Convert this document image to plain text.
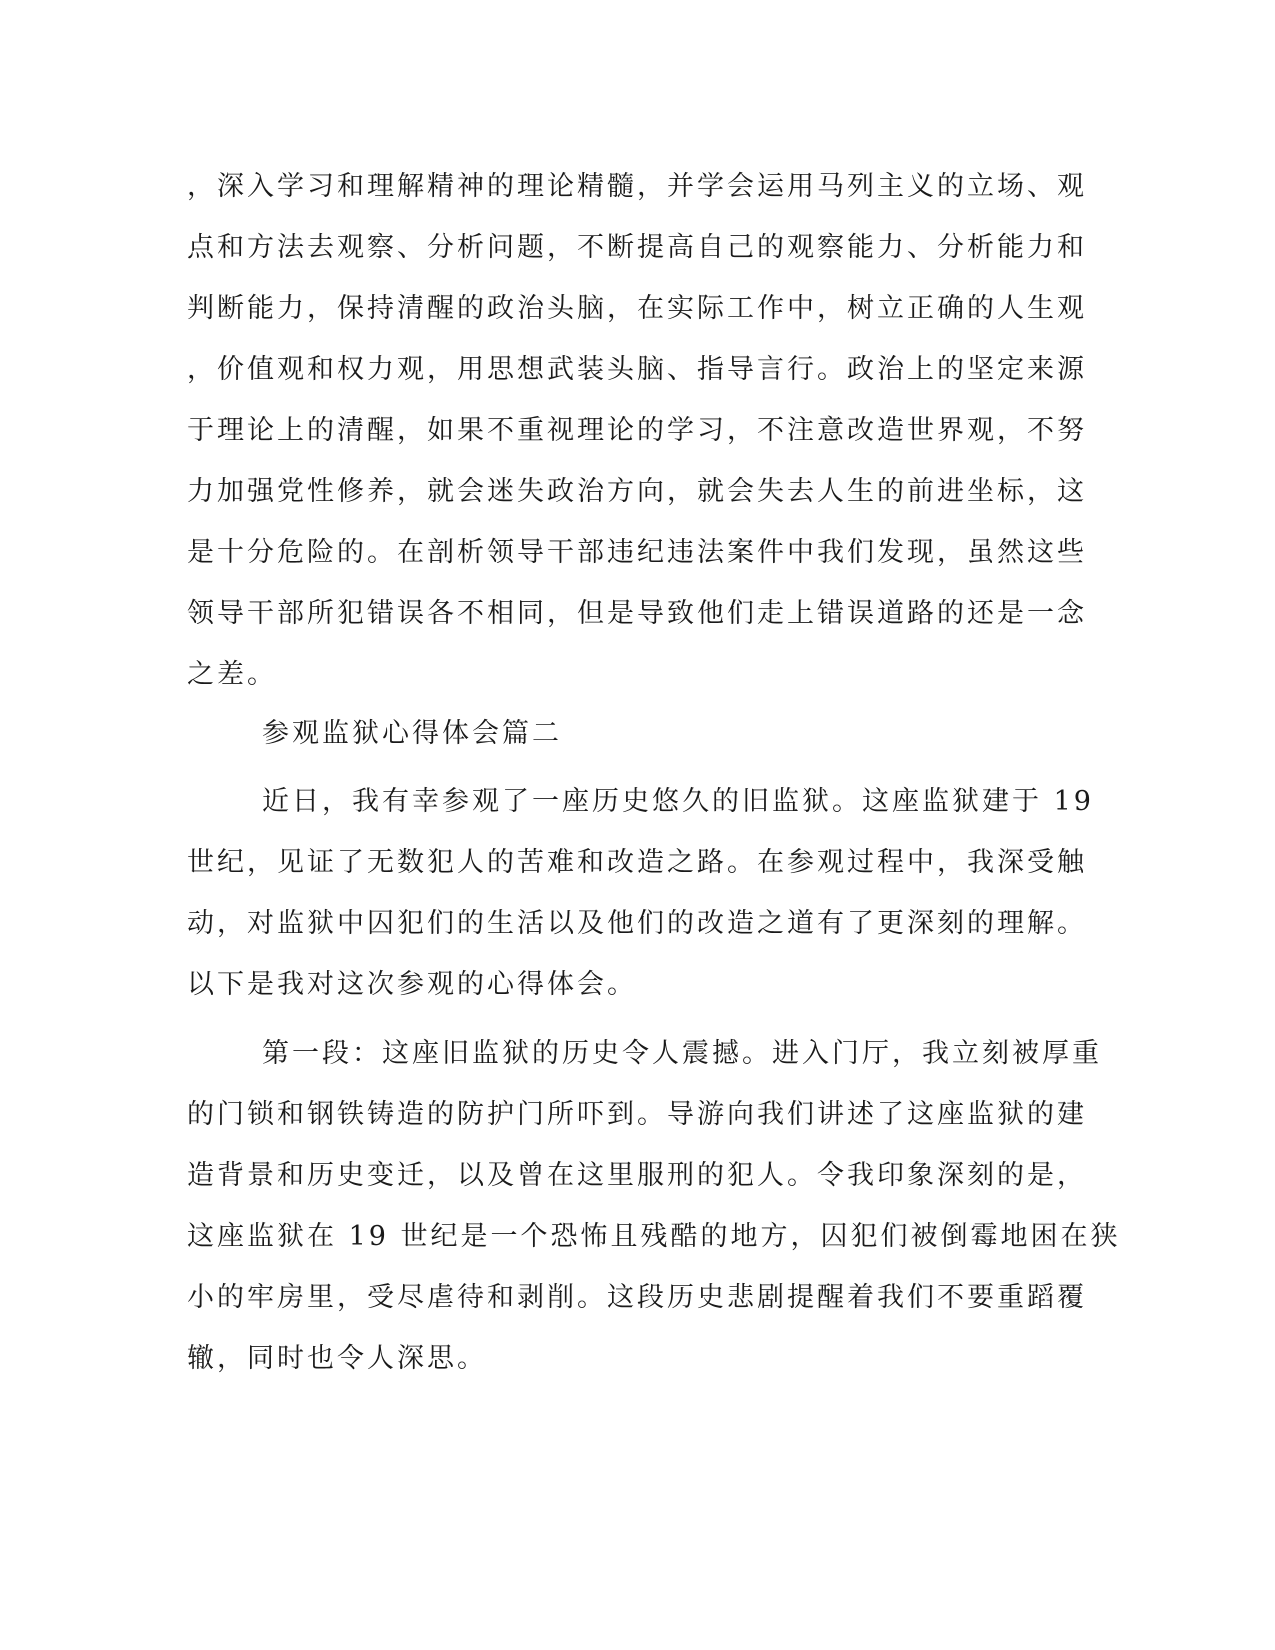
，深入学习和理解精神的理论精髓，并学会运用马列主义的立场、观
点和方法去观察、分析问题，不断提高自己的观察能力、分析能力和
判断能力，保持清醒的政治头脑，在实际工作中，树立正确的人生观
，价值观和权力观，用思想武装头脑、指导言行。政治上的坚定来源
于理论上的清醒，如果不重视理论的学习，不注意改造世界观，不努
力加强党性修养，就会迷失政治方向，就会失去人生的前进坐标，这
是十分危险的。在剖析领导干部违纪违法案件中我们发现，虽然这些
领导干部所犯错误各不相同，但是导致他们走上错误道路的还是一念
之差。
参观监狱心得体会篇二
近日，我有幸参观了一座历史悠久的旧监狱。这座监狱建于 19
世纪，见证了无数犯人的苦难和改造之路。在参观过程中，我深受触
动，对监狱中囚犯们的生活以及他们的改造之道有了更深刻的理解。
以下是我对这次参观的心得体会。
第一段：这座旧监狱的历史令人震撼。进入门厅，我立刻被厚重
的门锁和钢铁铸造的防护门所吓到。导游向我们讲述了这座监狱的建
造背景和历史变迁，以及曾在这里服刑的犯人。令我印象深刻的是，
这座监狱在 19 世纪是一个恐怖且残酷的地方，囚犯们被倒霉地困在狭
小的牢房里，受尽虐待和剥削。这段历史悲剧提醒着我们不要重蹈覆
辙，同时也令人深思。
